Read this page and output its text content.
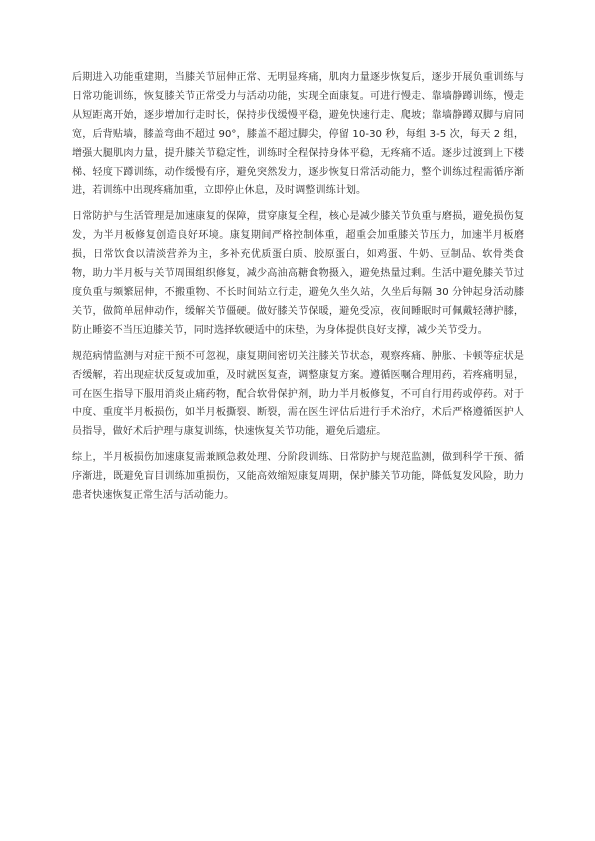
后期进入功能重建期，当膝关节屈伸正常、无明显疼痛，肌肉力量逐步恢复后，逐步开展负重训练与日常功能训练，恢复膝关节正常受力与活动功能，实现全面康复。可进行慢走、靠墙静蹲训练，慢走从短距离开始，逐步增加行走时长，保持步伐缓慢平稳，避免快速行走、爬坡；靠墙静蹲双脚与肩同宽，后背贴墙，膝盖弯曲不超过 90°，膝盖不超过脚尖，停留 10-30 秒，每组 3-5 次，每天 2 组，增强大腿肌肉力量，提升膝关节稳定性，训练时全程保持身体平稳，无疼痛不适。逐步过渡到上下楼梯、轻度下蹲训练，动作缓慢有序，避免突然发力，逐步恢复日常活动能力，整个训练过程需循序渐进，若训练中出现疼痛加重，立即停止休息，及时调整训练计划。

日常防护与生活管理是加速康复的保障，贯穿康复全程，核心是减少膝关节负重与磨损，避免损伤复发，为半月板修复创造良好环境。康复期间严格控制体重，超重会加重膝关节压力，加速半月板磨损，日常饮食以清淡营养为主，多补充优质蛋白质、胶原蛋白，如鸡蛋、牛奶、豆制品、软骨类食物，助力半月板与关节周围组织修复，减少高油高糖食物摄入，避免热量过剩。生活中避免膝关节过度负重与频繁屈伸，不搬重物、不长时间站立行走，避免久坐久站，久坐后每隔 30 分钟起身活动膝关节，做简单屈伸动作，缓解关节僵硬。做好膝关节保暖，避免受凉，夜间睡眠时可佩戴轻薄护膝，防止睡姿不当压迫膝关节，同时选择软硬适中的床垫，为身体提供良好支撑，减少关节受力。

规范病情监测与对症干预不可忽视，康复期间密切关注膝关节状态，观察疼痛、肿胀、卡顿等症状是否缓解，若出现症状反复或加重，及时就医复查，调整康复方案。遵循医嘱合理用药，若疼痛明显，可在医生指导下服用消炎止痛药物，配合软骨保护剂，助力半月板修复，不可自行用药或停药。对于中度、重度半月板损伤，如半月板撕裂、断裂，需在医生评估后进行手术治疗，术后严格遵循医护人员指导，做好术后护理与康复训练，快速恢复关节功能，避免后遗症。

综上，半月板损伤加速康复需兼顾急救处理、分阶段训练、日常防护与规范监测，做到科学干预、循序渐进，既避免盲目训练加重损伤，又能高效缩短康复周期，保护膝关节功能，降低复发风险，助力患者快速恢复正常生活与活动能力。
